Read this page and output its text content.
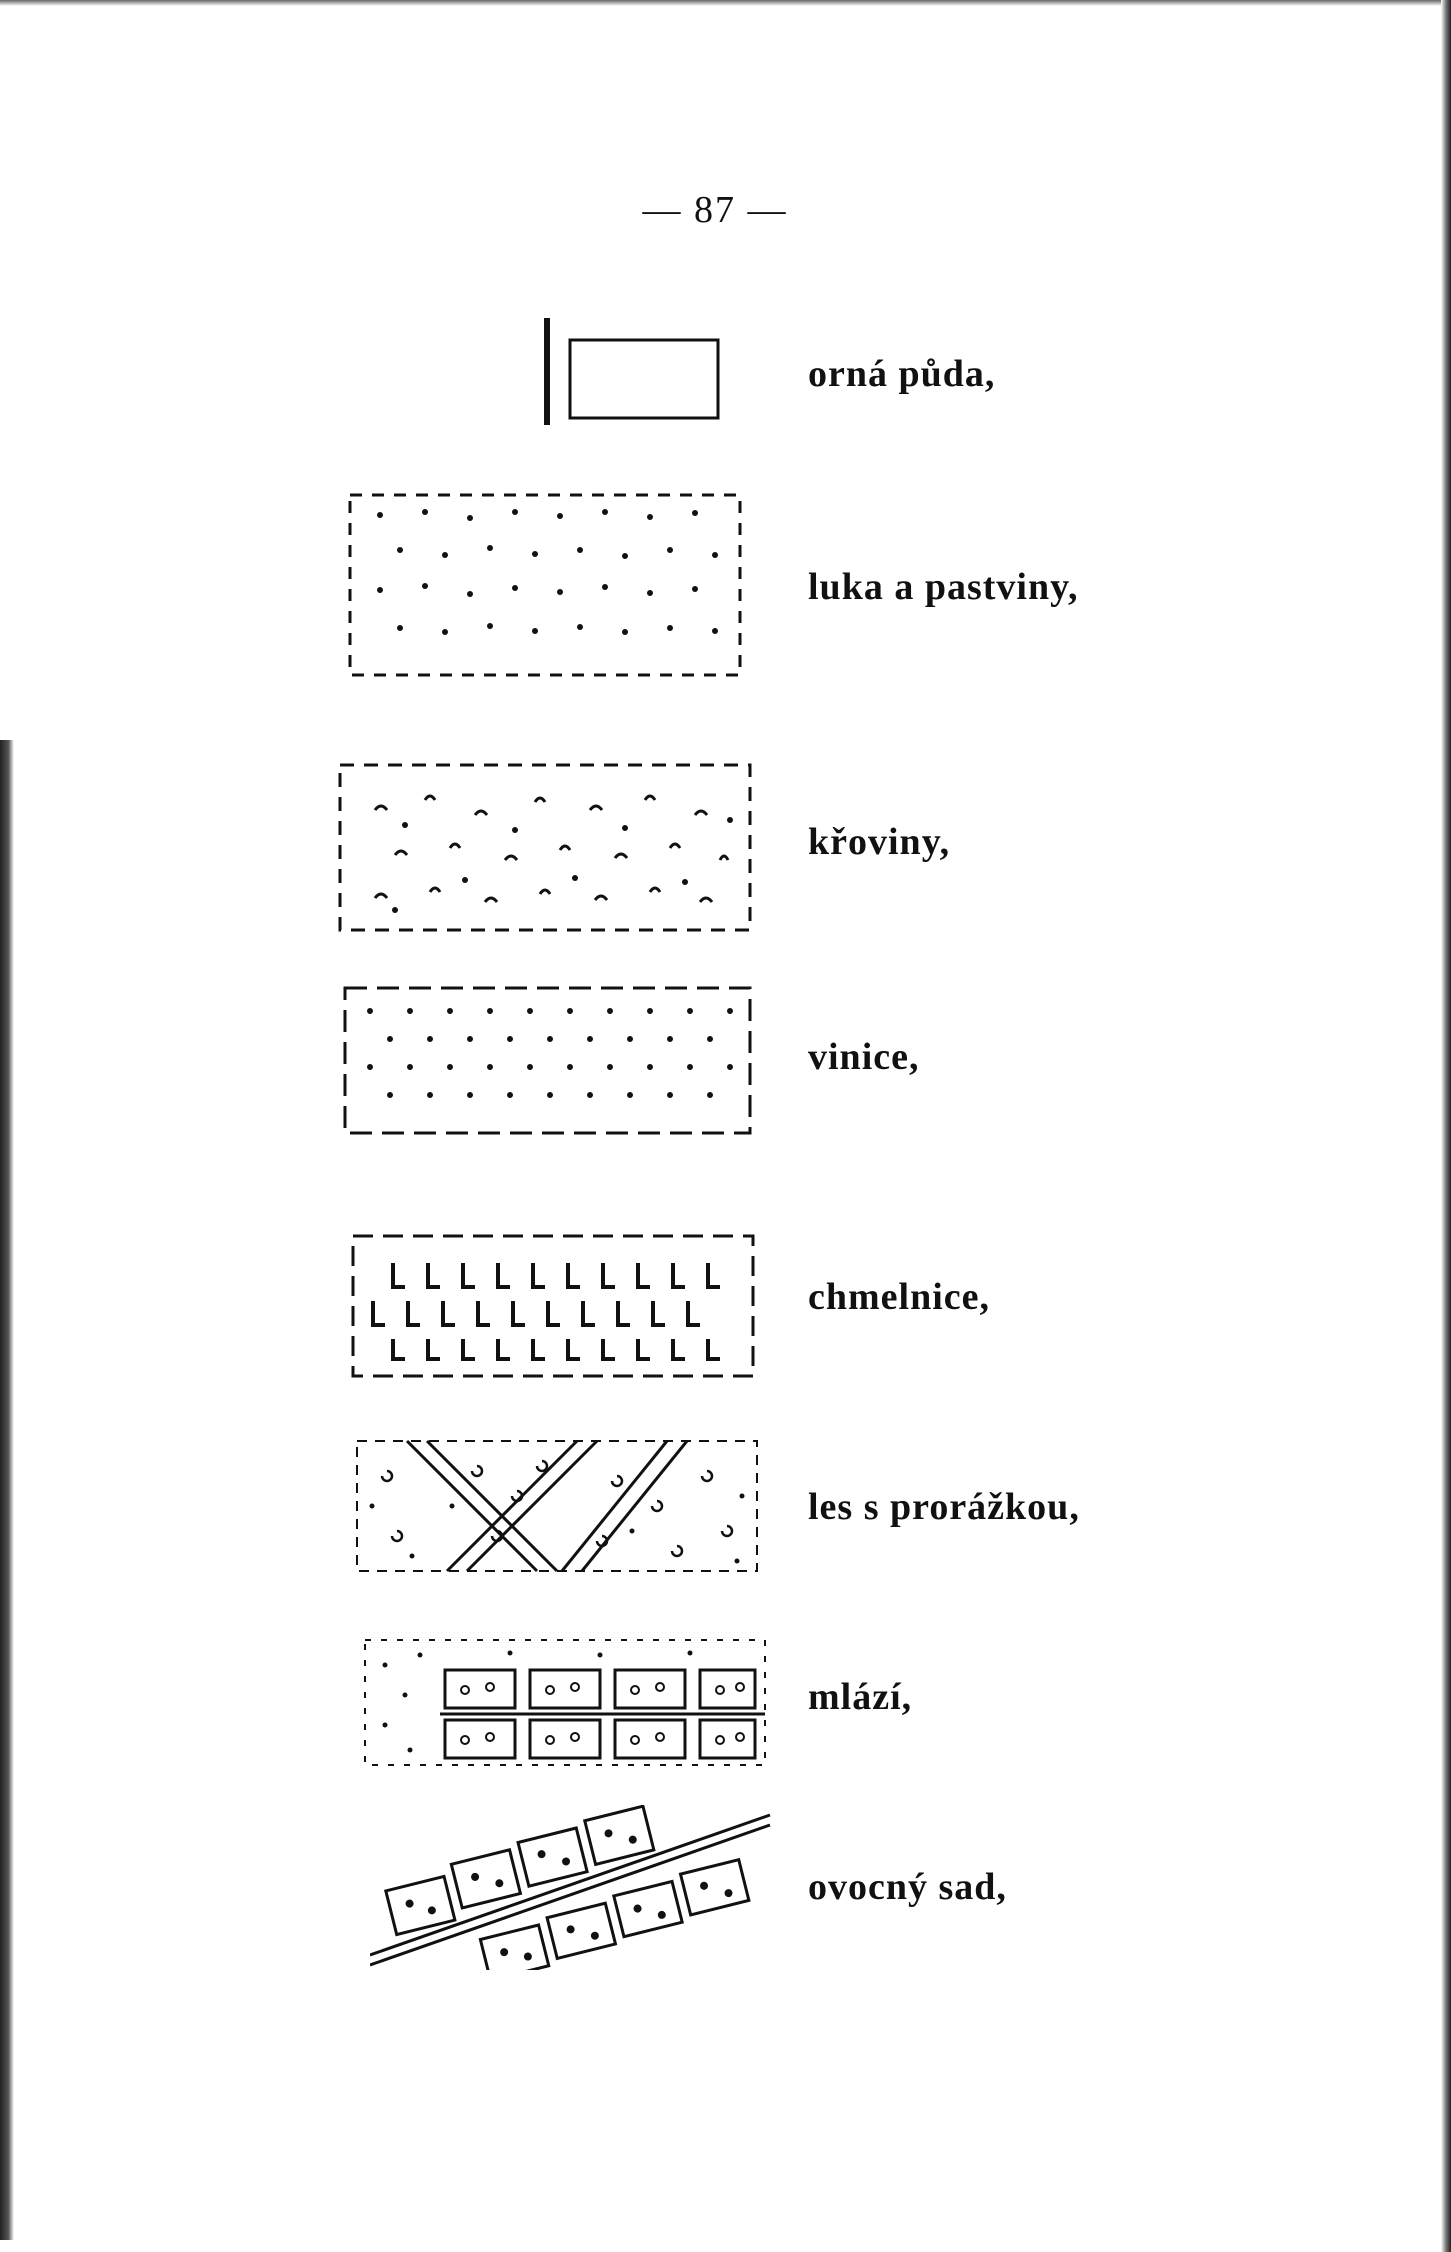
— 87 —
orná půda,
luka a pastviny,
křoviny,
vinice,
chmelnice,
les s prorážkou,
mlází,
ovocný sad,
